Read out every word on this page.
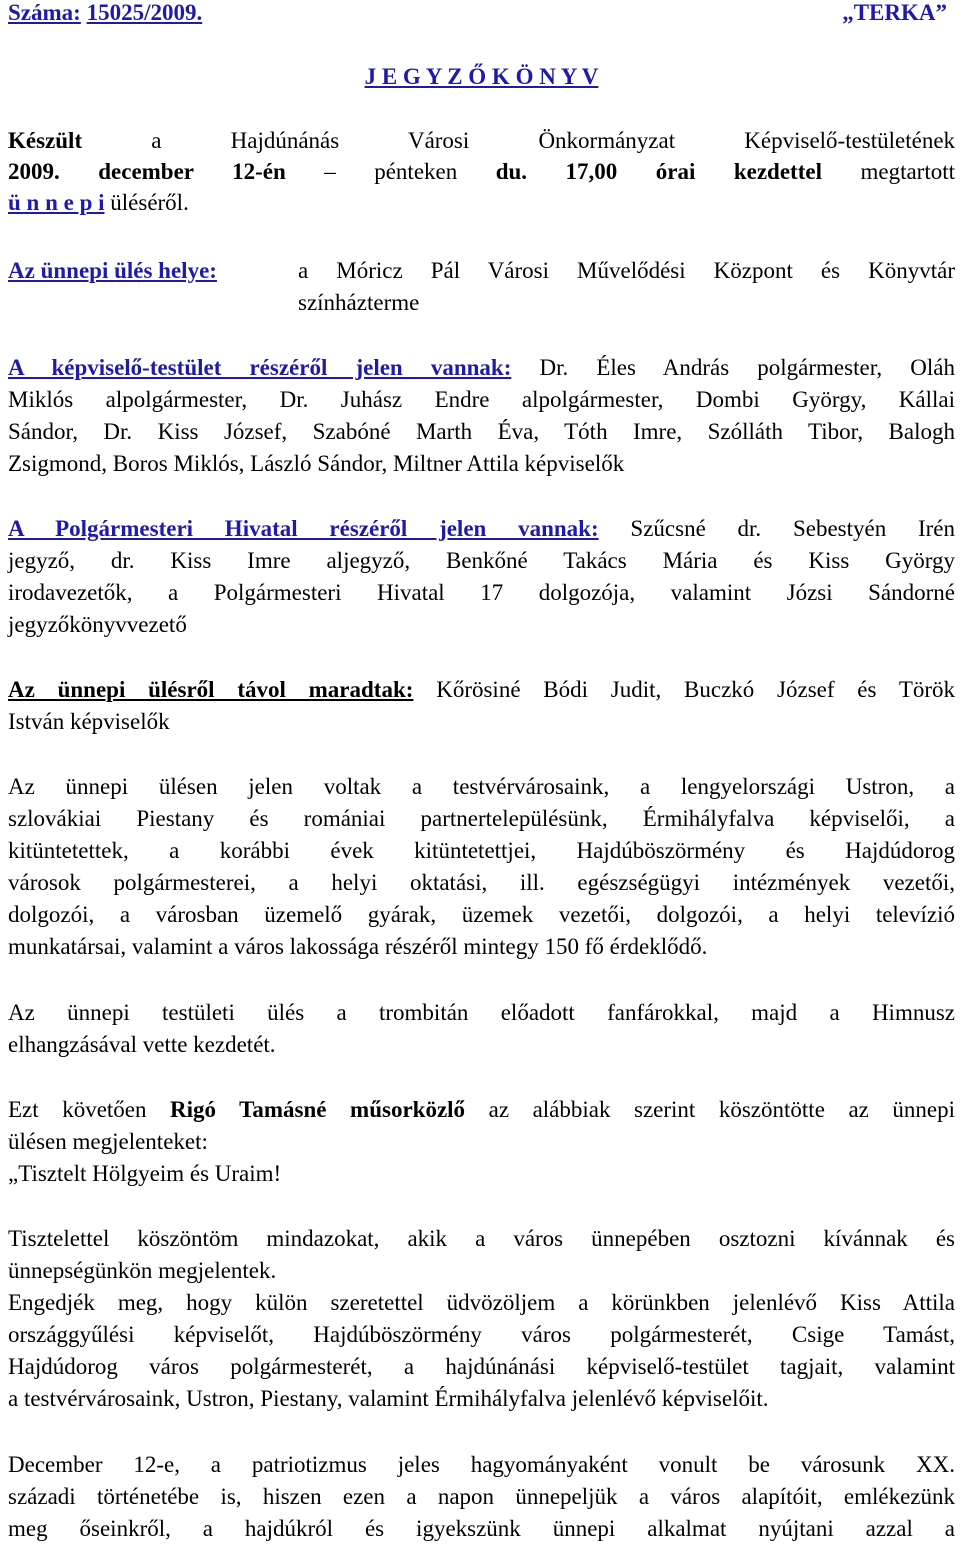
Száma: 15025/2009.	„TERKA”
J E G Y Z Ő K Ö N Y V
Készült	a	Hajdúnánás	Városi	Önkormányzat	Képviselő-testületének
2009. december 12-én – pénteken du. 17,00 órai kezdettel megtartott
ü n n e p i üléséről.
Az ünnepi ülés helye:	a Móricz Pál Városi Művelődési Központ és Könyvtár
színházterme
A képviselő-testület részéről jelen vannak: Dr. Éles András polgármester, Oláh
Miklós alpolgármester, Dr. Juhász Endre alpolgármester, Dombi György, Kállai
Sándor, Dr. Kiss József, Szabóné Marth Éva, Tóth Imre, Szólláth Tibor, Balogh
Zsigmond, Boros Miklós, László Sándor, Miltner Attila képviselők
A Polgármesteri Hivatal részéről jelen vannak: Szűcsné dr. Sebestyén Irén
jegyző, dr. Kiss Imre aljegyző, Benkőné Takács Mária és Kiss György
irodavezetők, a Polgármesteri Hivatal 17 dolgozója, valamint Józsi Sándorné
jegyzőkönyvvezető
Az ünnepi ülésről távol maradtak: Kőrösiné Bódi Judit, Buczkó József és Török
István képviselők
Az ünnepi ülésen jelen voltak a testvérvárosaink, a lengyelországi Ustron, a
szlovákiai Piestany és romániai partnertelepülésünk, Érmihályfalva képviselői, a
kitüntetettek, a korábbi évek kitüntetettjei, Hajdúböszörmény és Hajdúdorog
városok polgármesterei, a helyi oktatási, ill. egészségügyi intézmények vezetői,
dolgozói, a városban üzemelő gyárak, üzemek vezetői, dolgozói, a helyi televízió
munkatársai, valamint a város lakossága részéről mintegy 150 fő érdeklődő.
Az ünnepi testületi ülés a trombitán előadott fanfárokkal, majd a Himnusz
elhangzásával vette kezdetét.
Ezt követően Rigó Tamásné műsorközlő az alábbiak szerint köszöntötte az ünnepi
ülésen megjelenteket:
„Tisztelt Hölgyeim és Uraim!
Tisztelettel köszöntöm mindazokat, akik a város ünnepében osztozni kívánnak és
ünnepségünkön megjelentek.
Engedjék meg, hogy külön szeretettel üdvözöljem a körünkben jelenlévő Kiss Attila
országgyűlési képviselőt, Hajdúböszörmény város polgármesterét, Csige Tamást,
Hajdúdorog város polgármesterét, a hajdúnánási képviselő-testület tagjait, valamint
a testvérvárosaink, Ustron, Piestany, valamint Érmihályfalva jelenlévő képviselőit.
December 12-e, a patriotizmus jeles hagyományaként vonult be városunk XX.
századi történetébe is, hiszen ezen a napon ünnepeljük a város alapítóit, emlékezünk
meg őseinkről, a hajdúkról és igyekszünk ünnepi alkalmat nyújtani azzal a
